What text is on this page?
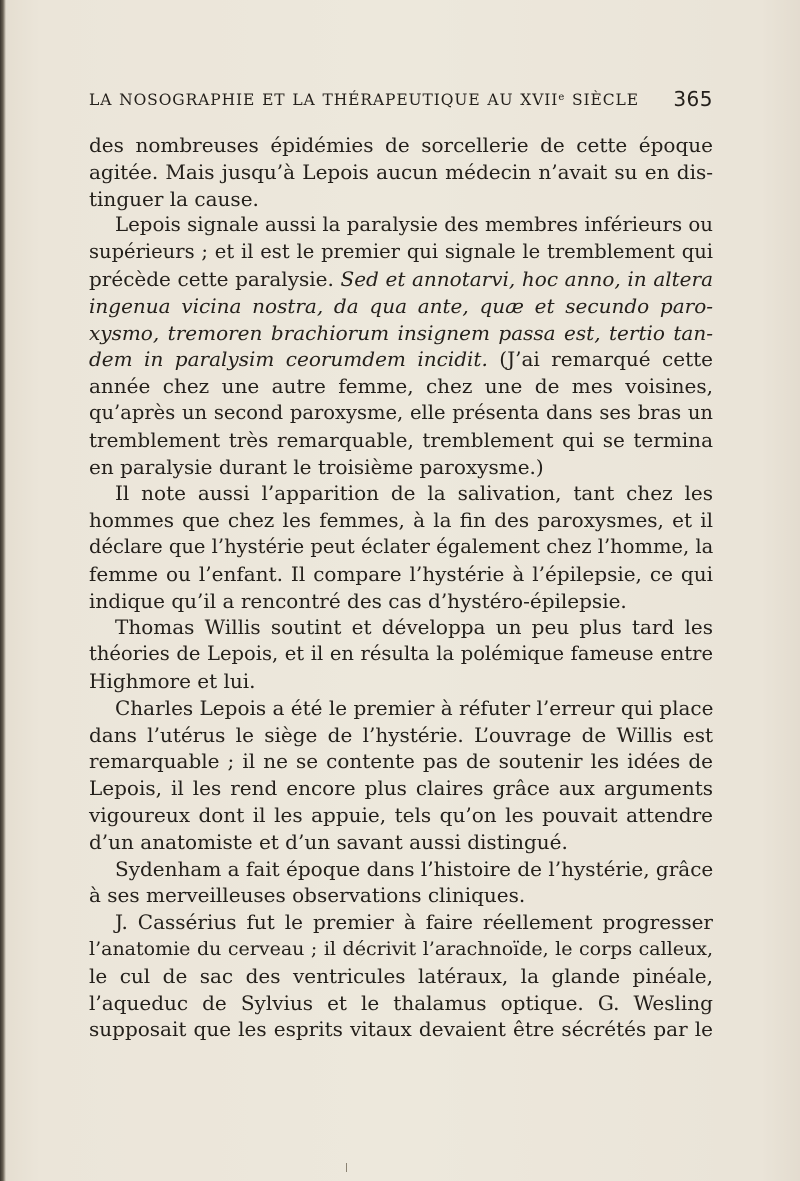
LA NOSOGRAPHIE ET LA THÉRAPEUTIQUE AU XVIIe SIÈCLE 365
des nombreuses épidémies de sorcellerie de cette époque
agitée. Mais jusqu’à Lepois aucun médecin n’avait su en dis-
tinguer la cause.
Lepois signale aussi la paralysie des membres inférieurs ou
supérieurs ; et il est le premier qui signale le tremblement qui
précède cette paralysie. Sed et annotarvi, hoc anno, in altera
ingenua vicina nostra, da qua ante, quæ et secundo paro-
xysmo, tremoren brachiorum insignem passa est, tertio tan-
dem in paralysim ceorumdem incidit. (J’ai remarqué cette
année chez une autre femme, chez une de mes voisines,
qu’après un second paroxysme, elle présenta dans ses bras un
tremblement très remarquable, tremblement qui se termina
en paralysie durant le troisième paroxysme.)
Il note aussi l’apparition de la salivation, tant chez les
hommes que chez les femmes, à la fin des paroxysmes, et il
déclare que l’hystérie peut éclater également chez l’homme, la
femme ou l’enfant. Il compare l’hystérie à l’épilepsie, ce qui
indique qu’il a rencontré des cas d’hystéro-épilepsie.
Thomas Willis soutint et développa un peu plus tard les
théories de Lepois, et il en résulta la polémique fameuse entre
Highmore et lui.
Charles Lepois a été le premier à réfuter l’erreur qui place
dans l’utérus le siège de l’hystérie. L’ouvrage de Willis est
remarquable ; il ne se contente pas de soutenir les idées de
Lepois, il les rend encore plus claires grâce aux arguments
vigoureux dont il les appuie, tels qu’on les pouvait attendre
d’un anatomiste et d’un savant aussi distingué.
Sydenham a fait époque dans l’histoire de l’hystérie, grâce
à ses merveilleuses observations cliniques.
J. Cassérius fut le premier à faire réellement progresser
l’anatomie du cerveau ; il décrivit l’arachnoïde, le corps calleux,
le cul de sac des ventricules latéraux, la glande pinéale,
l’aqueduc de Sylvius et le thalamus optique. G. Wesling
supposait que les esprits vitaux devaient être sécrétés par le
